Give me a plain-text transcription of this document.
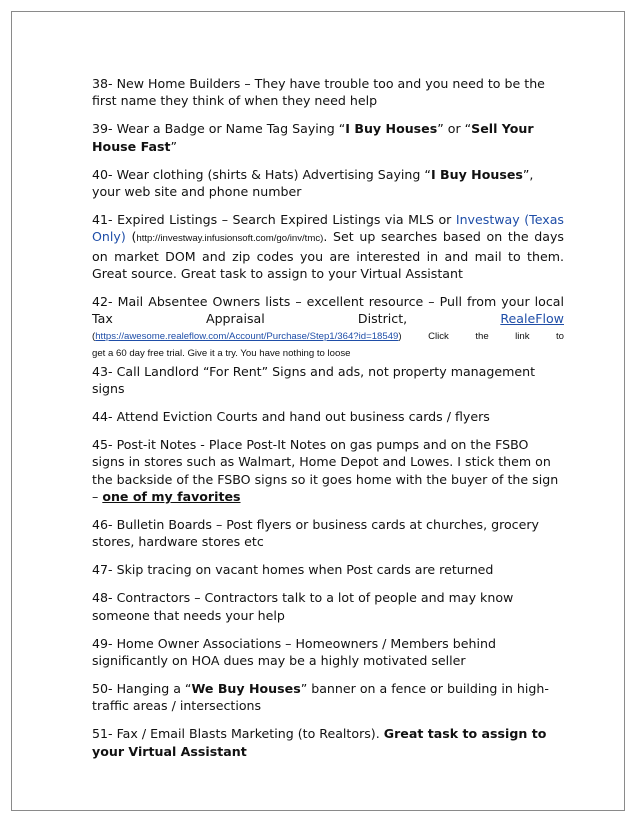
38- New Home Builders – They have trouble too and you need to be the first name they think of when they need help

39- Wear a Badge or Name Tag Saying “I Buy Houses” or “Sell Your House Fast”

40- Wear clothing (shirts & Hats) Advertising Saying “I Buy Houses”, your web site and phone number

41- Expired Listings – Search Expired Listings via MLS or Investway (Texas Only) (http://investway.infusionsoft.com/go/inv/tmc). Set up searches based on the days on market DOM and zip codes you are interested in and mail to them. Great source. Great task to assign to your Virtual Assistant

42- Mail Absentee Owners lists – excellent resource – Pull from your local
Tax	Appraisal	District,	RealeFlow
(https://awesome.realeflow.com/Account/Purchase/Step1/364?id=18549) Click the link to
get a 60 day free trial. Give it a try. You have nothing to loose

43- Call Landlord “For Rent” Signs and ads, not property management signs

44- Attend Eviction Courts and hand out business cards / flyers

45- Post-it Notes - Place Post-It Notes on gas pumps and on the FSBO signs in stores such as Walmart, Home Depot and Lowes. I stick them on the backside of the FSBO signs so it goes home with the buyer of the sign – one of my favorites

46- Bulletin Boards – Post flyers or business cards at churches, grocery stores, hardware stores etc

47- Skip tracing on vacant homes when Post cards are returned

48- Contractors – Contractors talk to a lot of people and may know someone that needs your help

49- Home Owner Associations – Homeowners / Members behind significantly on HOA dues may be a highly motivated seller

50- Hanging a “We Buy Houses” banner on a fence or building in high-traffic areas / intersections

51- Fax / Email Blasts Marketing (to Realtors). Great task to assign to your Virtual Assistant
